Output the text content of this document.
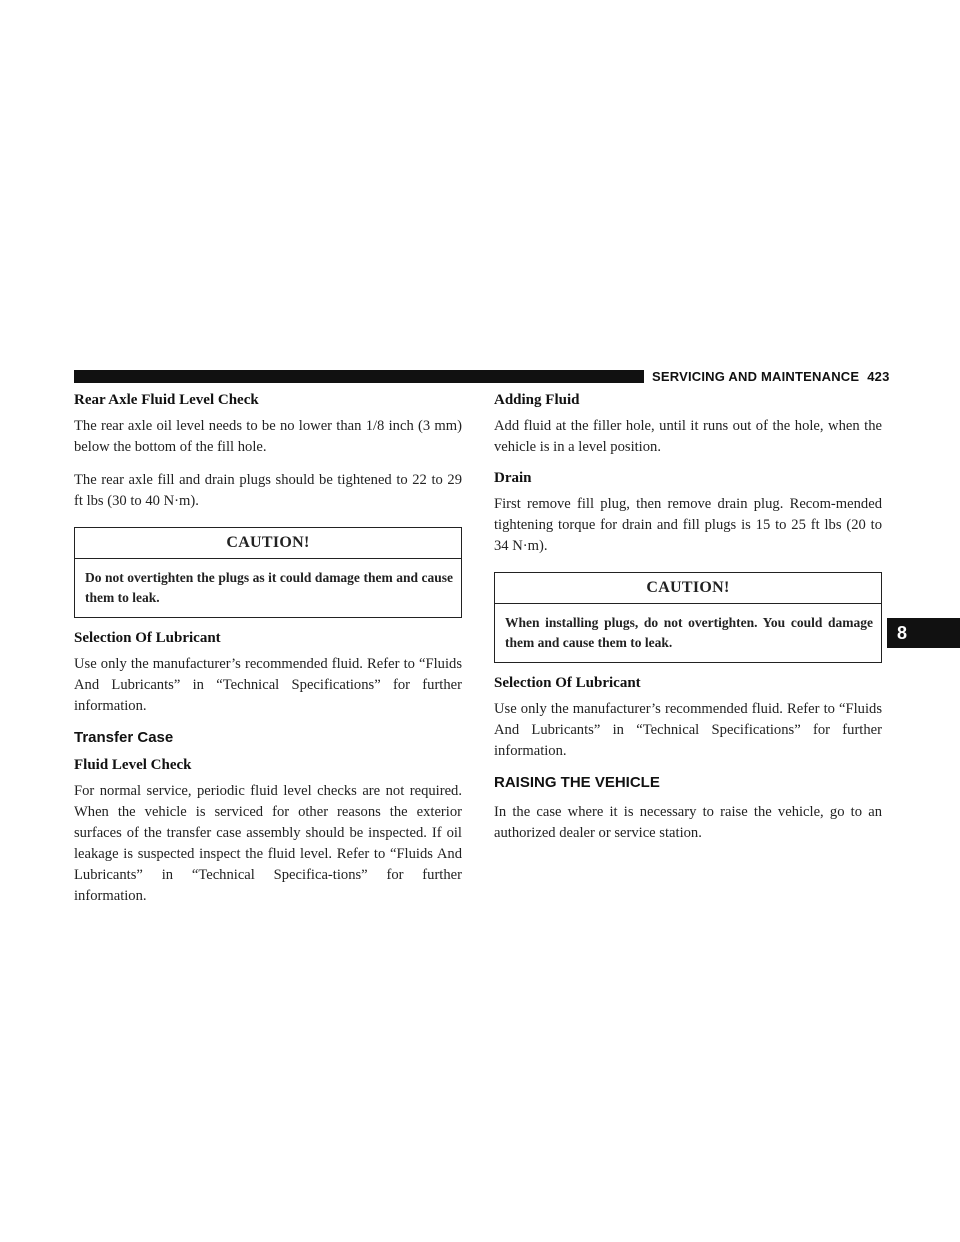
SERVICING AND MAINTENANCE 423
8
Rear Axle Fluid Level Check

The rear axle oil level needs to be no lower than 1/8 inch (3 mm) below the bottom of the fill hole.

The rear axle fill and drain plugs should be tightened to 22 to 29 ft lbs (30 to 40 N·m).

CAUTION!
Do not overtighten the plugs as it could damage them and cause them to leak.
Selection Of Lubricant

Use only the manufacturer’s recommended fluid. Refer to “Fluids And Lubricants” in “Technical Specifications” for further information.

Transfer Case
Fluid Level Check

For normal service, periodic fluid level checks are not required. When the vehicle is serviced for other reasons the exterior surfaces of the transfer case assembly should be inspected. If oil leakage is suspected inspect the fluid level. Refer to “Fluids And Lubricants” in “Technical Specifica-tions” for further information.

Adding Fluid

Add fluid at the filler hole, until it runs out of the hole, when the vehicle is in a level position.

Drain

First remove fill plug, then remove drain plug. Recom-mended tightening torque for drain and fill plugs is 15 to 25 ft lbs (20 to 34 N·m).

CAUTION!
When installing plugs, do not overtighten. You could damage them and cause them to leak.
Selection Of Lubricant

Use only the manufacturer’s recommended fluid. Refer to “Fluids And Lubricants” in “Technical Specifications” for further information.

RAISING THE VEHICLE

In the case where it is necessary to raise the vehicle, go to an authorized dealer or service station.
